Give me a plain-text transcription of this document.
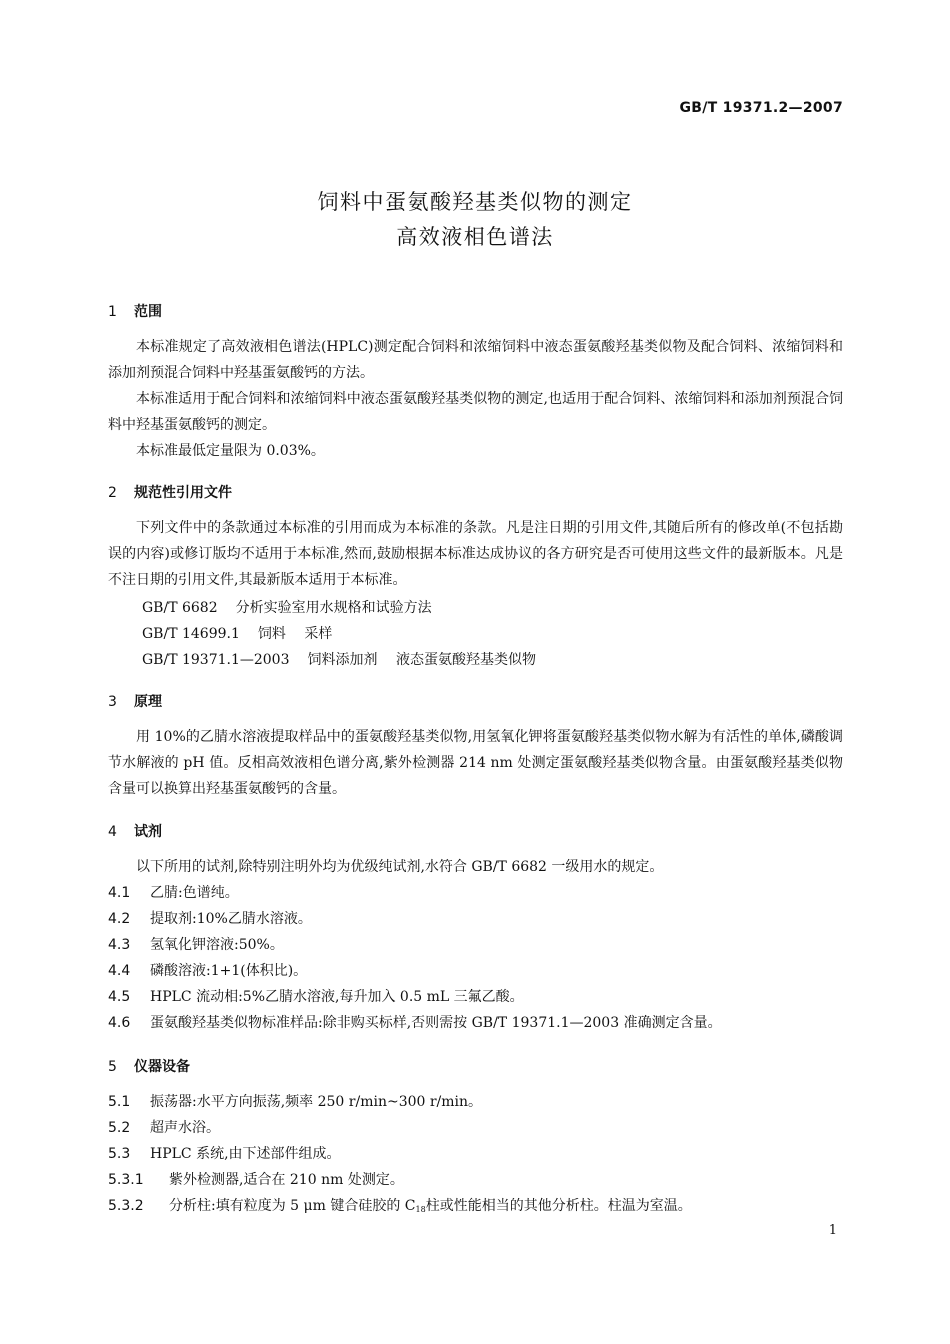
GB/T 19371.2—2007
饲料中蛋氨酸羟基类似物的测定
高效液相色谱法
1 范围
本标准规定了高效液相色谱法(HPLC)测定配合饲料和浓缩饲料中液态蛋氨酸羟基类似物及配合饲料、浓缩饲料和添加剂预混合饲料中羟基蛋氨酸钙的方法。
本标准适用于配合饲料和浓缩饲料中液态蛋氨酸羟基类似物的测定,也适用于配合饲料、浓缩饲料和添加剂预混合饲料中羟基蛋氨酸钙的测定。
本标准最低定量限为 0.03%。
2 规范性引用文件
下列文件中的条款通过本标准的引用而成为本标准的条款。凡是注日期的引用文件,其随后所有的修改单(不包括勘误的内容)或修订版均不适用于本标准,然而,鼓励根据本标准达成协议的各方研究是否可使用这些文件的最新版本。凡是不注日期的引用文件,其最新版本适用于本标准。
GB/T 6682 分析实验室用水规格和试验方法
GB/T 14699.1 饲料 采样
GB/T 19371.1—2003 饲料添加剂 液态蛋氨酸羟基类似物
3 原理
用 10%的乙腈水溶液提取样品中的蛋氨酸羟基类似物,用氢氧化钾将蛋氨酸羟基类似物水解为有活性的单体,磷酸调节水解液的 pH 值。反相高效液相色谱分离,紫外检测器 214 nm 处测定蛋氨酸羟基类似物含量。由蛋氨酸羟基类似物含量可以换算出羟基蛋氨酸钙的含量。
4 试剂
以下所用的试剂,除特别注明外均为优级纯试剂,水符合 GB/T 6682 一级用水的规定。
4.1 乙腈:色谱纯。
4.2 提取剂:10%乙腈水溶液。
4.3 氢氧化钾溶液:50%。
4.4 磷酸溶液:1+1(体积比)。
4.5 HPLC 流动相:5%乙腈水溶液,每升加入 0.5 mL 三氟乙酸。
4.6 蛋氨酸羟基类似物标准样品:除非购买标样,否则需按 GB/T 19371.1—2003 准确测定含量。
5 仪器设备
5.1 振荡器:水平方向振荡,频率 250 r/min~300 r/min。
5.2 超声水浴。
5.3 HPLC 系统,由下述部件组成。
5.3.1 紫外检测器,适合在 210 nm 处测定。
5.3.2 分析柱:填有粒度为 5 μm 键合硅胶的 $C_{18}$柱或性能相当的其他分析柱。柱温为室温。
1
